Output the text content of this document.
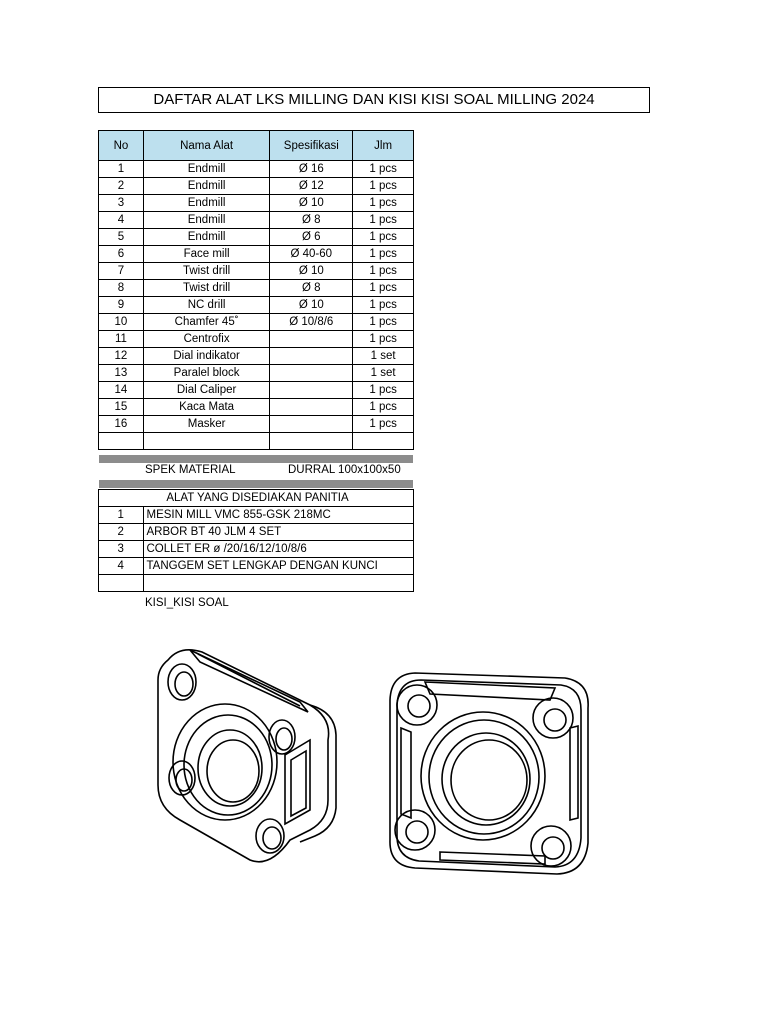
DAFTAR ALAT LKS MILLING DAN KISI KISI SOAL MILLING 2024
No	Nama Alat	Spesifikasi	Jlm
1	Endmill	Ø 16	1 pcs
2	Endmill	Ø 12	1 pcs
3	Endmill	Ø 10	1 pcs
4	Endmill	Ø 8	1 pcs
5	Endmill	Ø 6	1 pcs
6	Face mill	Ø 40-60	1 pcs
7	Twist drill	Ø 10	1 pcs
8	Twist drill	Ø 8	1 pcs
9	NC drill	Ø 10	1 pcs
10	Chamfer 45˚	Ø 10/8/6	1 pcs
11	Centrofix		1 pcs
12	Dial indikator		1 set
13	Paralel block		1 set
14	Dial Caliper		1 pcs
15	Kaca Mata		1 pcs
16	Masker		1 pcs

SPEK MATERIAL	DURRAL 100x100x50
	ALAT YANG DISEDIAKAN PANITIA
1	MESIN MILL VMC 855-GSK 218MC
2	ARBOR BT 40 JLM 4 SET
3	COLLET ER ø /20/16/12/10/8/6
4	TANGGEM SET LENGKAP DENGAN KUNCI

KISI_KISI SOAL
